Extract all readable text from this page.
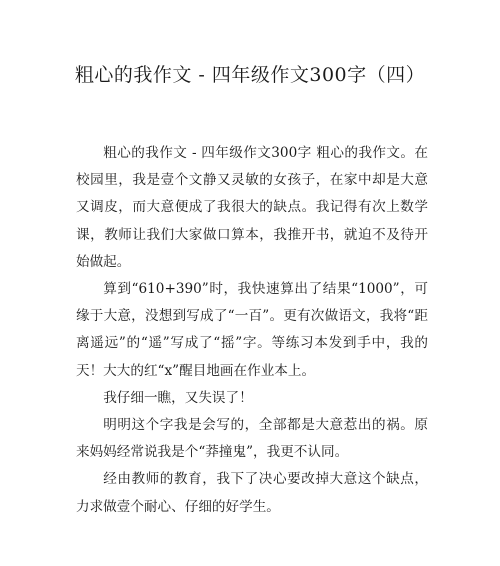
粗心的我作文 - 四年级作文300字（四）

粗心的我作文 - 四年级作文300字 粗心的我作文。在校园里，我是壹个文静又灵敏的女孩子，在家中却是大意又调皮，而大意便成了我很大的缺点。我记得有次上数学课，教师让我们大家做口算本，我推开书，就迫不及待开始做起。

算到“610+390”时，我快速算出了结果“1000”，可缘于大意，没想到写成了“一百”。更有次做语文，我将“距离遥远”的“遥”写成了“摇”字。等练习本发到手中，我的天！大大的红“x”醒目地画在作业本上。

我仔细一瞧，又失误了！

明明这个字我是会写的，全部都是大意惹出的祸。原来妈妈经常说我是个“莽撞鬼”，我更不认同。

经由教师的教育，我下了决心要改掉大意这个缺点，力求做壹个耐心、仔细的好学生。
